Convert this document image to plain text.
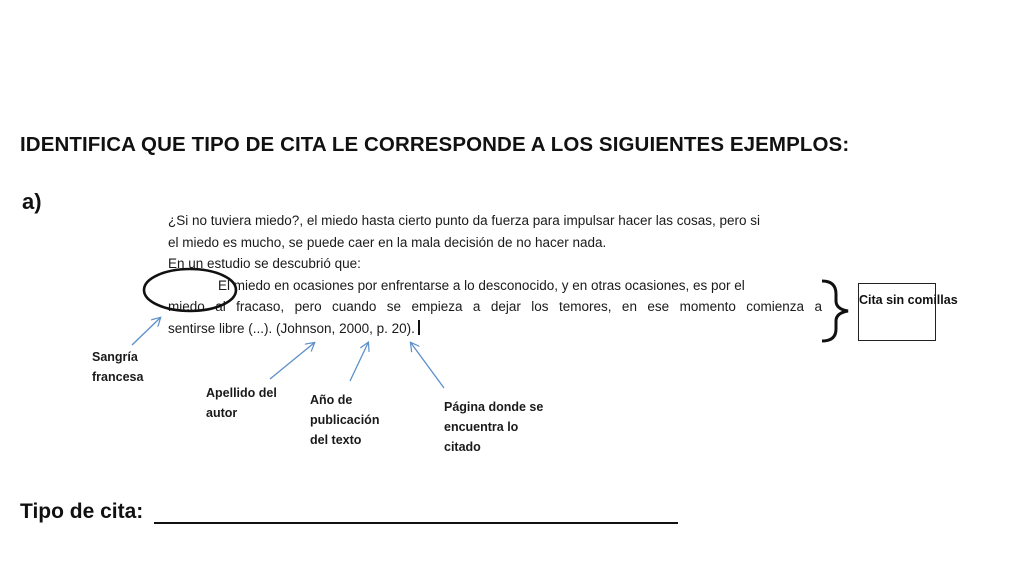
IDENTIFICA QUE TIPO DE CITA LE CORRESPONDE A LOS SIGUIENTES EJEMPLOS:
a)
¿Si no tuviera miedo?, el miedo hasta cierto punto da fuerza para impulsar hacer las cosas, pero si
el miedo es mucho, se puede caer en la mala decisión de no hacer nada.
En un estudio se descubrió que:
El miedo en ocasiones por enfrentarse a lo desconocido, y en otras ocasiones, es por el
miedo al fracaso, pero cuando se empieza a dejar los temores, en ese momento comienza a
sentirse libre (...). (Johnson, 2000, p. 20).
Cita sin comillas
Sangría francesa
Apellido del autor
Año de publicación del texto
Página donde se encuentra lo citado
Tipo de cita:
